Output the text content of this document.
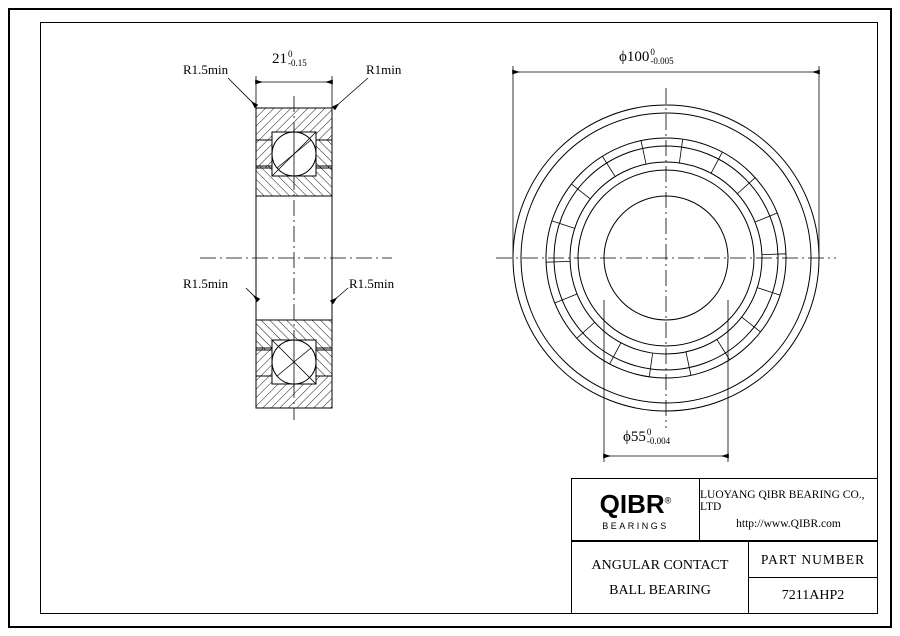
R1.5min	R1min
R1.5min	R1.5min
21 0
-0.15	ϕ100 0
-0.005
ϕ55 0
-0.004
QIBR®
BEARINGS
LUOYANG QIBR BEARING CO., LTD
http://www.QIBR.com
ANGULAR CONTACT
BALL BEARING
PART NUMBER
7211AHP2
